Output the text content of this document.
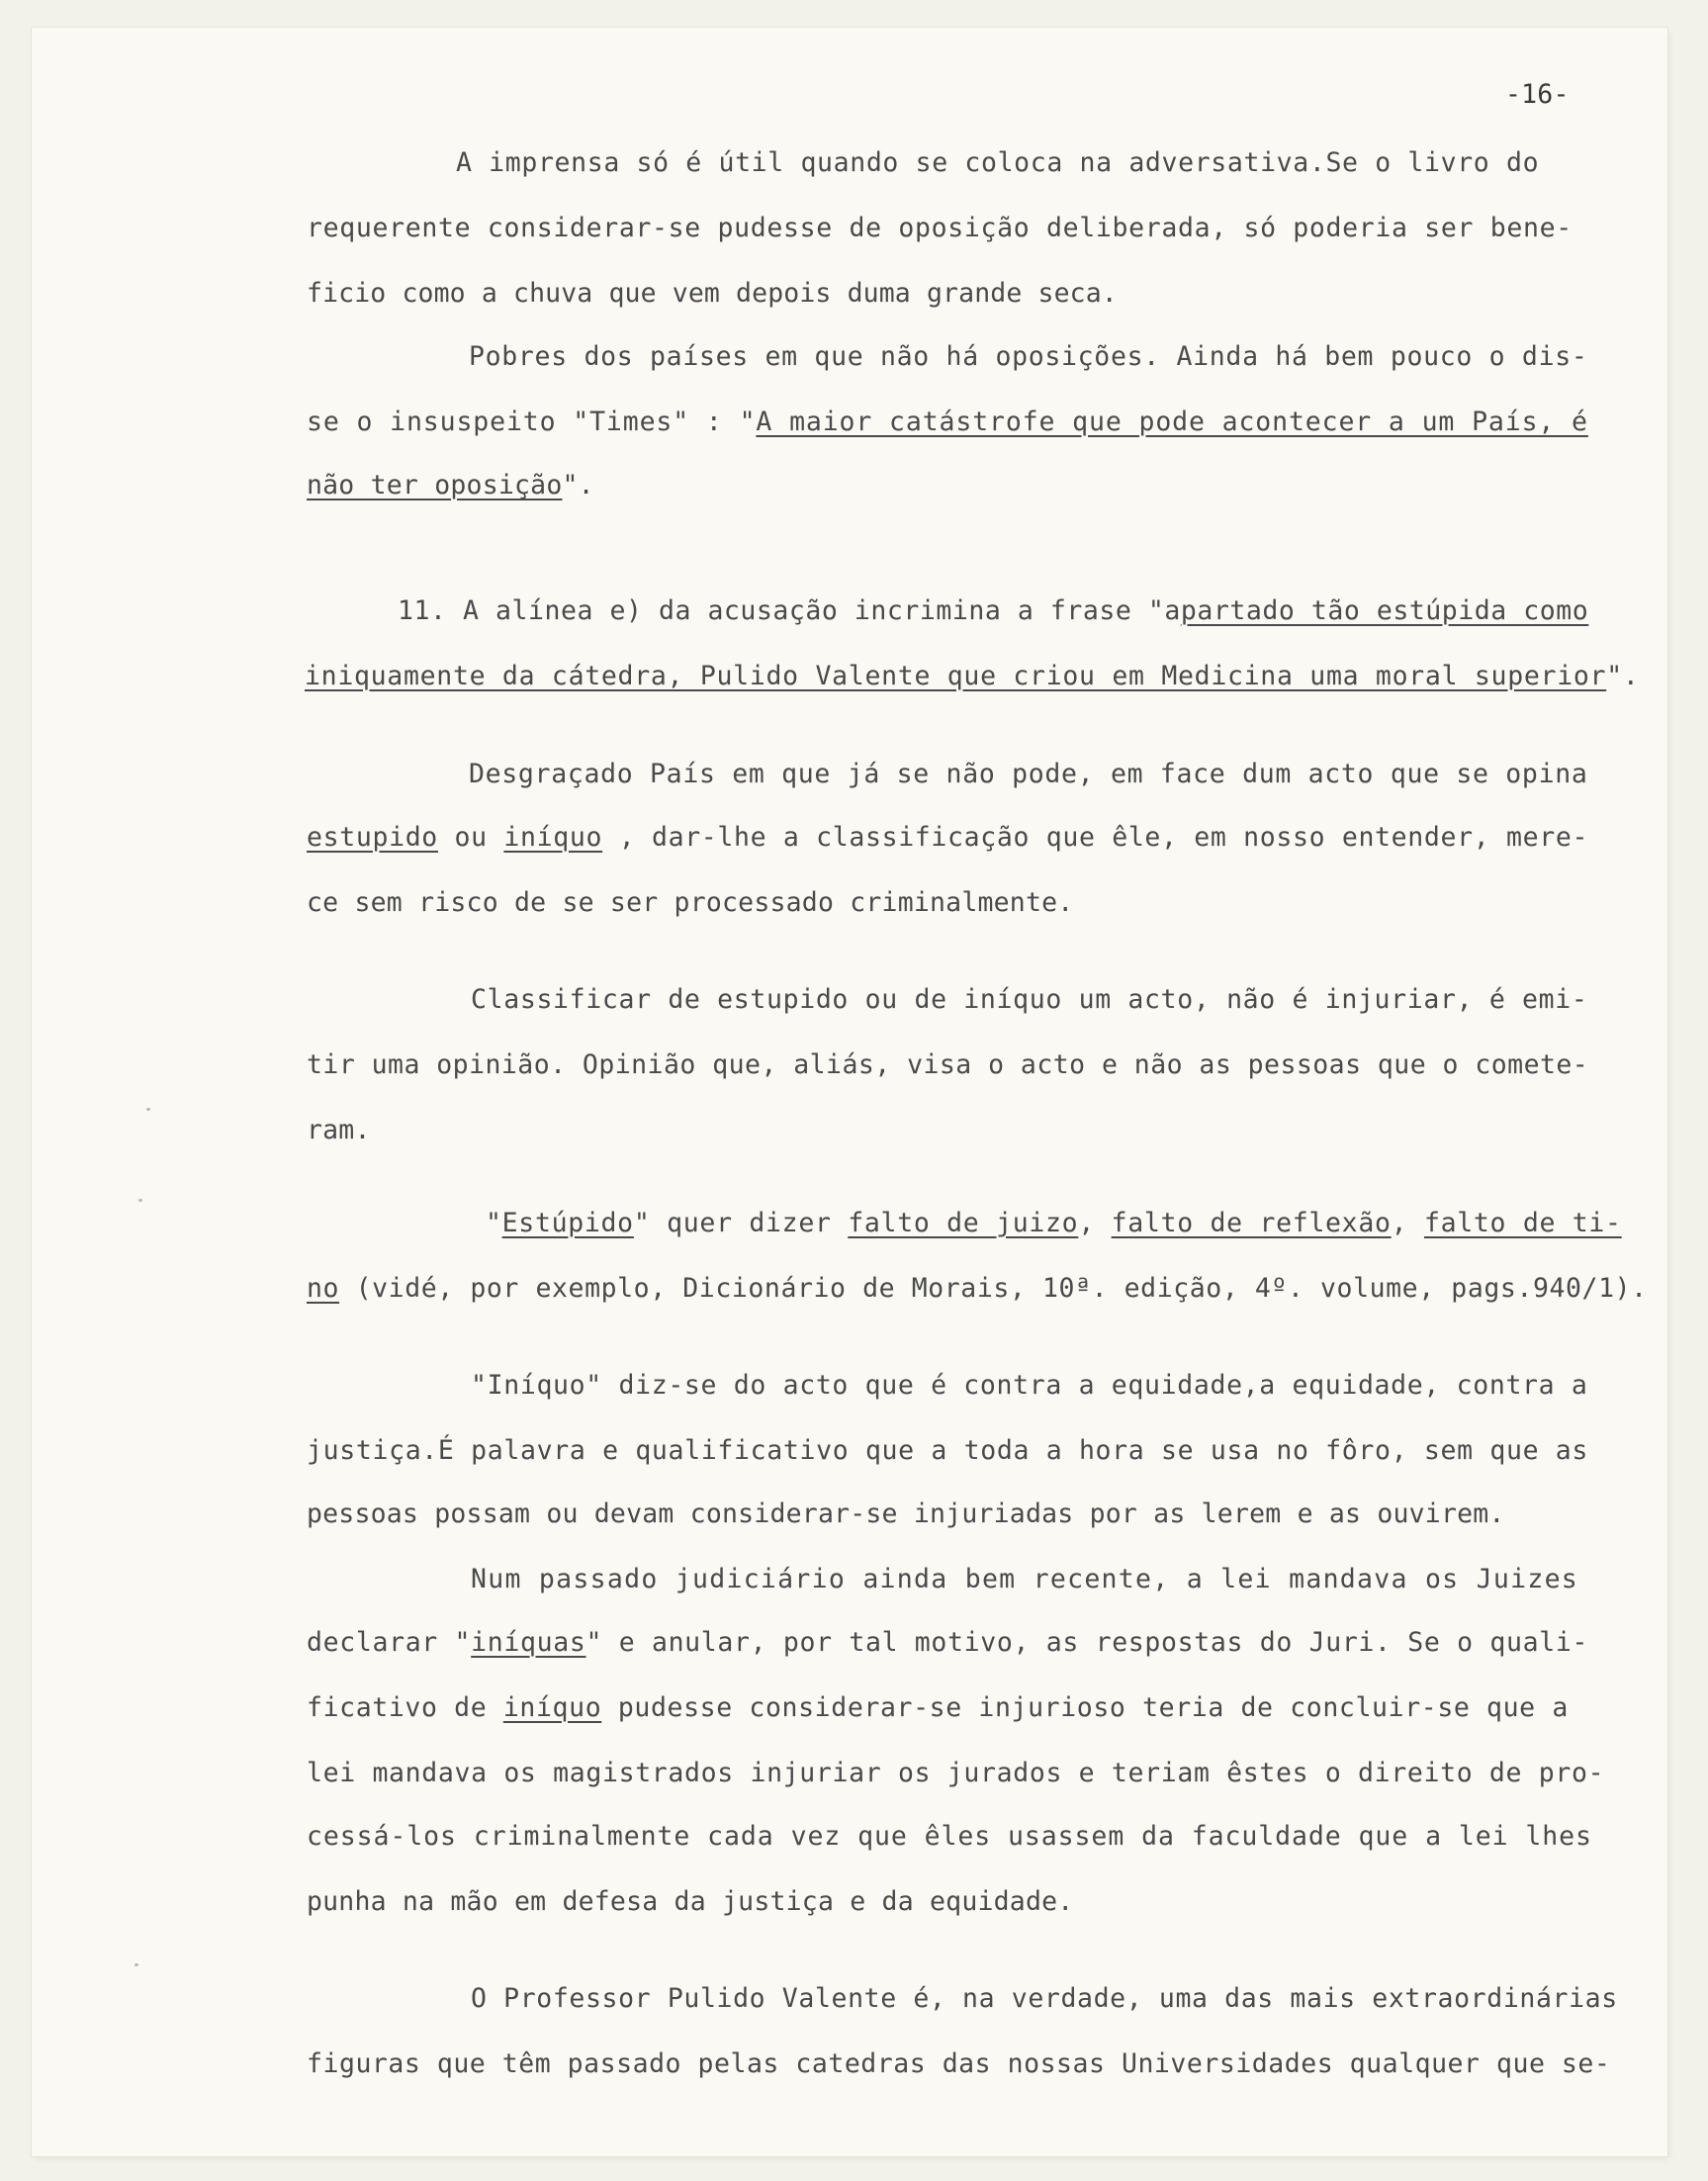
-16-
A imprensa só é útil quando se coloca na adversativa.Se o livro do
requerente considerar-se pudesse de oposição deliberada, só poderia ser bene-
ficio como a chuva que vem depois duma grande seca.
Pobres dos países em que não há oposições. Ainda há bem pouco o dis-
se o insuspeito "Times" : "A maior catástrofe que pode acontecer a um País, é
não ter oposição".
11. A alínea e) da acusação incrimina a frase "apartado tão estúpida como
iniquamente da cátedra, Pulido Valente que criou em Medicina uma moral superior".
Desgraçado País em que já se não pode, em face dum acto que se opina
estupido ou iníquo , dar-lhe a classificação que êle, em nosso entender, mere-
ce sem risco de se ser processado criminalmente.
Classificar de estupido ou de iníquo um acto, não é injuriar, é emi-
tir uma opinião. Opinião que, aliás, visa o acto e não as pessoas que o comete-
ram.
"Estúpido" quer dizer falto de juizo, falto de reflexão, falto de ti-
no (vidé, por exemplo, Dicionário de Morais, 10ª. edição, 4º. volume, pags.940/1).
"Iníquo" diz-se do acto que é contra a equidade,a equidade, contra a
justiça.É palavra e qualificativo que a toda a hora se usa no fôro, sem que as
pessoas possam ou devam considerar-se injuriadas por as lerem e as ouvirem.
Num passado judiciário ainda bem recente, a lei mandava os Juizes
declarar "iníquas" e anular, por tal motivo, as respostas do Juri. Se o quali-
ficativo de iníquo pudesse considerar-se injurioso teria de concluir-se que a
lei mandava os magistrados injuriar os jurados e teriam êstes o direito de pro-
cessá-los criminalmente cada vez que êles usassem da faculdade que a lei lhes
punha na mão em defesa da justiça e da equidade.
O Professor Pulido Valente é, na verdade, uma das mais extraordinárias
figuras que têm passado pelas catedras das nossas Universidades qualquer que se-
